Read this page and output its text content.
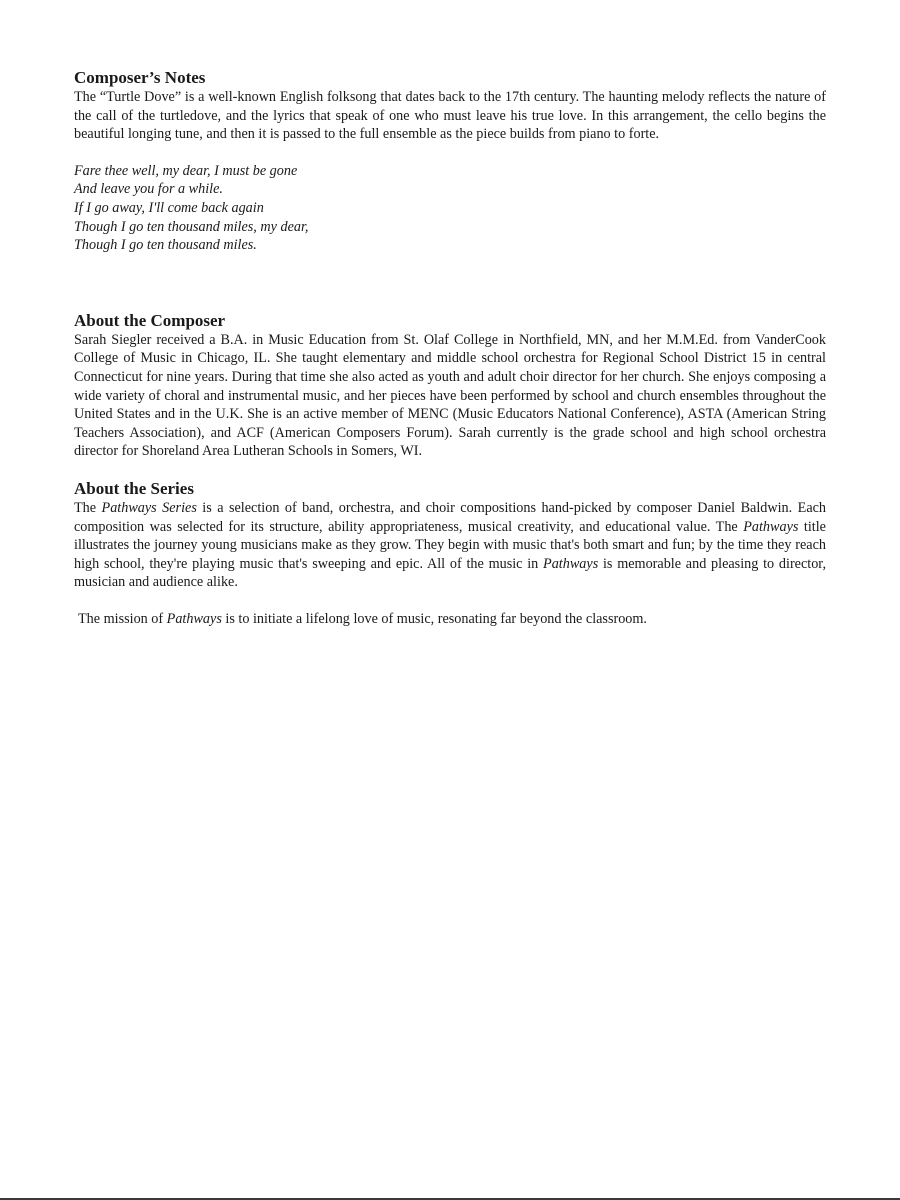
Composer’s Notes

The “Turtle Dove” is a well-known English folksong that dates back to the 17th century. The haunting melody reflects the nature of the call of the turtledove, and the lyrics that speak of one who must leave his true love. In this arrangement, the cello begins the beautiful longing tune, and then it is passed to the full ensemble as the piece builds from piano to forte.

Fare thee well, my dear, I must be gone
And leave you for a while.
If I go away, I'll come back again
Though I go ten thousand miles, my dear,
Though I go ten thousand miles.
About the Composer

Sarah Siegler received a B.A. in Music Education from St. Olaf College in Northfield, MN, and her M.M.Ed. from VanderCook College of Music in Chicago, IL. She taught elementary and middle school orchestra for Regional School District 15 in central Connecticut for nine years. During that time she also acted as youth and adult choir director for her church. She enjoys composing a wide variety of choral and instrumental music, and her pieces have been performed by school and church ensembles throughout the United States and in the U.K. She is an active member of MENC (Music Educators National Conference), ASTA (American String Teachers Association), and ACF (American Composers Forum). Sarah currently is the grade school and high school orchestra director for Shoreland Area Lutheran Schools in Somers, WI.

About the Series

The Pathways Series is a selection of band, orchestra, and choir compositions hand-picked by composer Daniel Baldwin. Each composition was selected for its structure, ability appropriateness, musical creativity, and educational value. The Pathways title illustrates the journey young musicians make as they grow. They begin with music that's both smart and fun; by the time they reach high school, they're playing music that's sweeping and epic. All of the music in Pathways is memorable and pleasing to director, musician and audience alike.

The mission of Pathways is to initiate a lifelong love of music, resonating far beyond the classroom.
